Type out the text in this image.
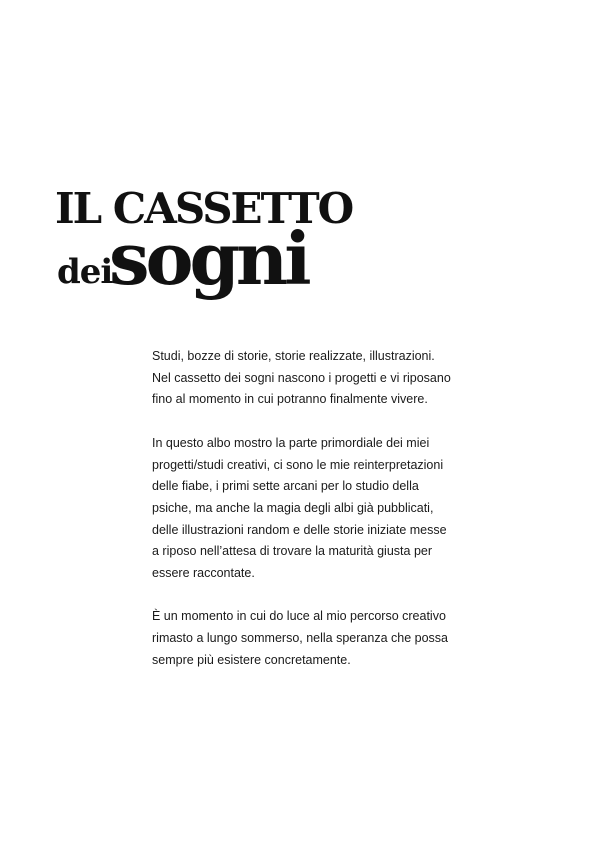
IL CASSETTO
dei
sogni

Studi, bozze di storie, storie realizzate, illustrazioni.
Nel cassetto dei sogni nascono i progetti e vi riposano
fino al momento in cui potranno finalmente vivere.

In questo albo mostro la parte primordiale dei miei
progetti/studi creativi, ci sono le mie reinterpretazioni
delle fiabe, i primi sette arcani per lo studio della
psiche, ma anche la magia degli albi già pubblicati,
delle illustrazioni random e delle storie iniziate messe
a riposo nell’attesa di trovare la maturità giusta per
essere raccontate.

È un momento in cui do luce al mio percorso creativo
rimasto a lungo sommerso, nella speranza che possa
sempre più esistere concretamente.
